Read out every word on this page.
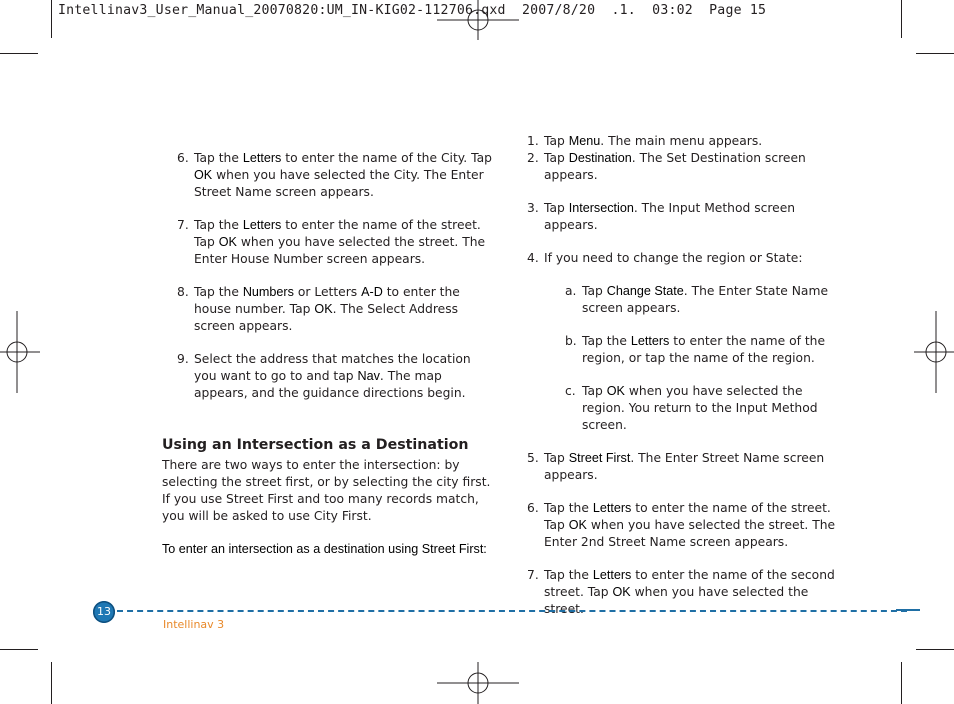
Intellinav3_User_Manual_20070820:UM_IN-KIG02-112706.qxd  2007/8/20  .1.  03:02  Page 15
6. Tap the Letters to enter the name of the City. Tap OK when you have selected the City. The Enter Street Name screen appears.
7. Tap the Letters to enter the name of the street. Tap OK when you have selected the street. The Enter House Number screen appears.
8. Tap the Numbers or Letters A-D to enter the house number. Tap OK. The Select Address screen appears.
9. Select the address that matches the location you want to go to and tap Nav. The map appears, and the guidance directions begin.
Using an Intersection as a Destination

There are two ways to enter the intersection: by selecting the street first, or by selecting the city first. If you use Street First and too many records match, you will be asked to use City First.

To enter an intersection as a destination using Street First:

1. Tap Menu. The main menu appears.
2. Tap Destination. The Set Destination screen appears.
3. Tap Intersection. The Input Method screen appears.
4. If you need to change the region or State:
a. Tap Change State. The Enter State Name screen appears.
b. Tap the Letters to enter the name of the region, or tap the name of the region.
c. Tap OK when you have selected the region. You return to the Input Method screen.
5. Tap Street First. The Enter Street Name screen appears.
6. Tap the Letters to enter the name of the street. Tap OK when you have selected the street. The Enter 2nd Street Name screen appears.
7. Tap the Letters to enter the name of the second street. Tap OK when you have selected the street.
13
Intellinav 3
